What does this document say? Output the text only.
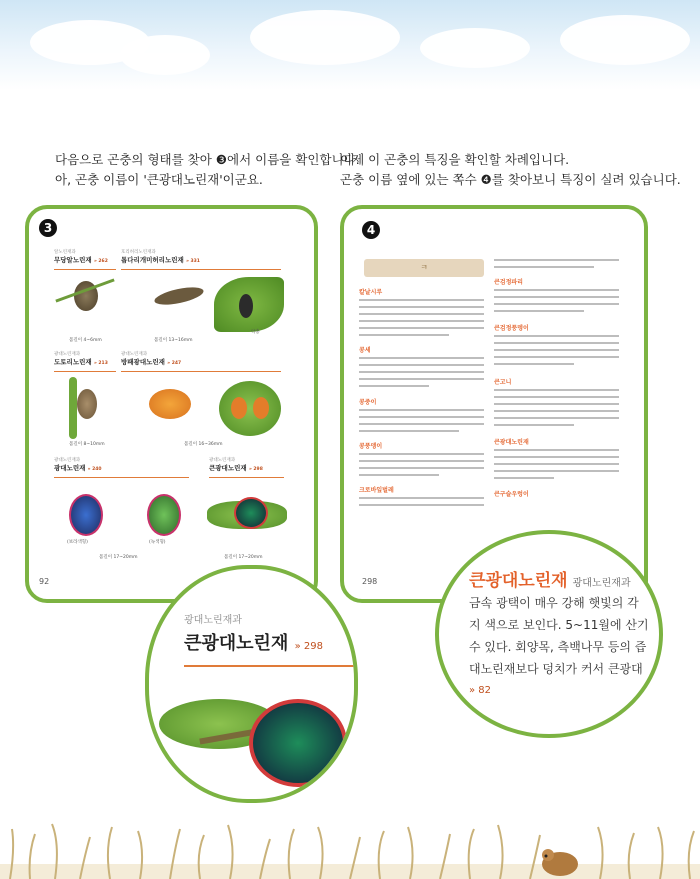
다음으로 곤충의 형태를 찾아 ❸에서 이름을 확인합니다.
아, 곤충 이름이 '큰광대노린재'이군요.
이제 이 곤충의 특징을 확인할 차례입니다.
곤충 이름 옆에 있는 쪽수 ❹를 찾아보니 특징이 실려 있습니다.
3
알노린재과
무당알노린재 » 262
호리허리노린재과
톱다리개미허리노린재 » 331
몸길이 4~6mm	몸길이 13~16mm
약충
광대노린재과
도토리노린재 » 213
광대노린재과
방패광대노린재 » 247
몸길이 8~10mm	몸길이 16~36mm
광대노린재과
광대노린재 » 240
광대노린재과
큰광대노린재 » 298
(보라색형)	(녹색형)
몸길이 17~20mm	몸길이 17~20mm
92
4
ㅋ
칼날시루
콩세
콩중이
콩풍뎅이
크로바잎벌레
큰검정파리
큰검정풍뎅이
큰고니
큰광대노린재
큰구슬우렁이
298
광대노린재과
큰광대노린재 » 298
큰광대노린재 광대노린재과
금속 광택이 매우 강해 햇빛의 각
지 색으로 보인다. 5~11월에 산기
수 있다. 회양목, 측백나무 등의 즙
대노린재보다 덩치가 커서 큰광대
» 82
